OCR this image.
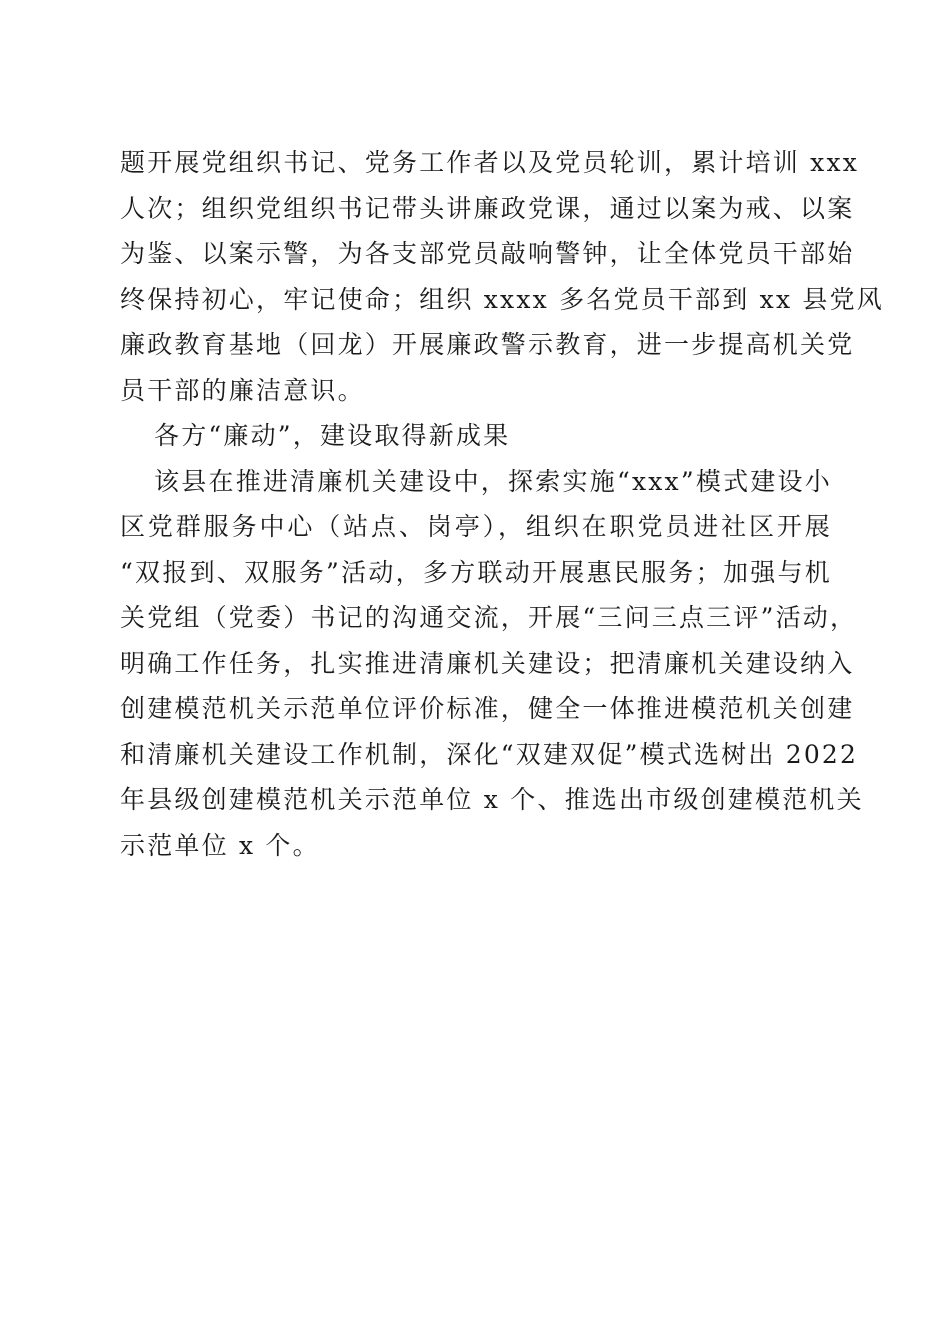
题开展党组织书记、党务工作者以及党员轮训，累计培训 xxx
人次；组织党组织书记带头讲廉政党课，通过以案为戒、以案
为鉴、以案示警，为各支部党员敲响警钟，让全体党员干部始
终保持初心，牢记使命；组织 xxxx 多名党员干部到 xx 县党风
廉政教育基地（回龙）开展廉政警示教育，进一步提高机关党
员干部的廉洁意识。

各方“廉动”，建设取得新成果

该县在推进清廉机关建设中，探索实施“xxx”模式建设小
区党群服务中心（站点、岗亭），组织在职党员进社区开展
“双报到、双服务”活动，多方联动开展惠民服务；加强与机
关党组（党委）书记的沟通交流，开展“三问三点三评”活动，
明确工作任务，扎实推进清廉机关建设；把清廉机关建设纳入
创建模范机关示范单位评价标准，健全一体推进模范机关创建
和清廉机关建设工作机制，深化“双建双促”模式选树出 2022
年县级创建模范机关示范单位 x 个、推选出市级创建模范机关
示范单位 x 个。
